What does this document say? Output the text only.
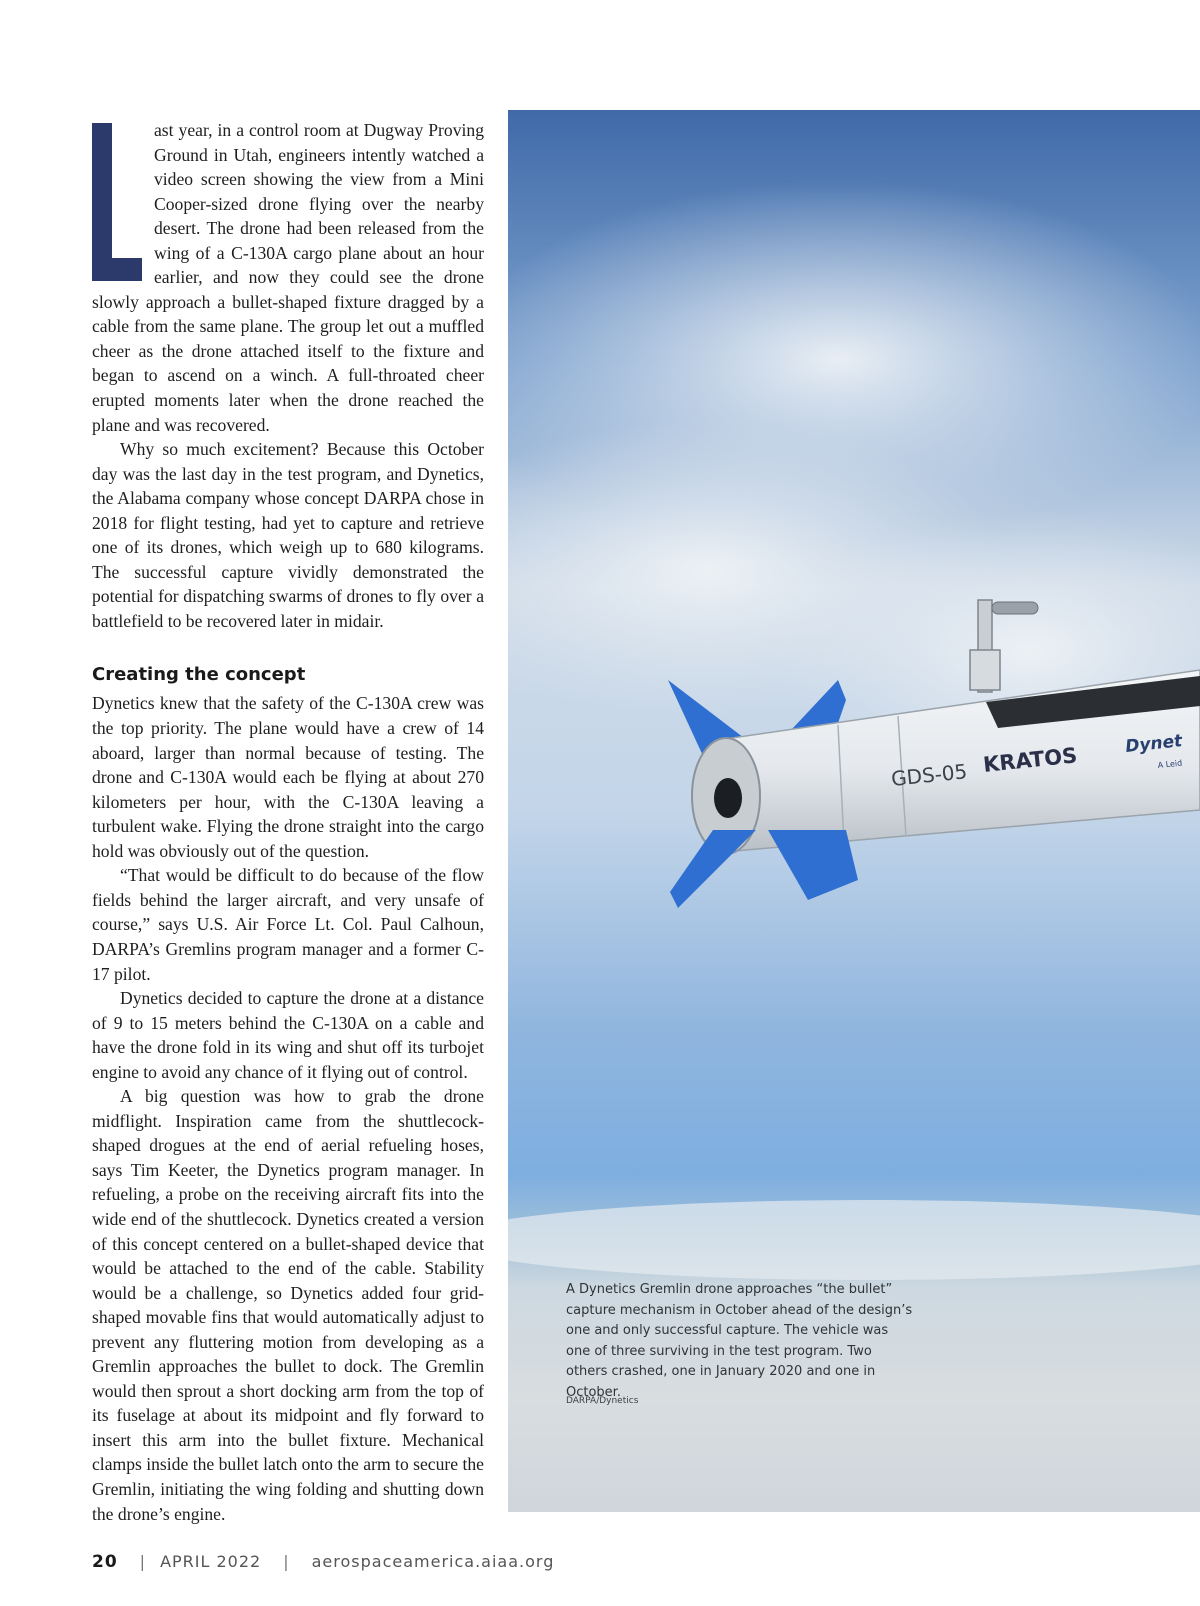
ast year, in a control room at Dugway Proving Ground in Utah, engineers intently watched a video screen showing the view from a Mini Cooper-sized drone flying over the nearby desert. The drone had been released from the wing of a C-130A cargo plane about an hour earlier, and now they could see the drone slowly approach a bullet-shaped fixture dragged by a cable from the same plane. The group let out a muffled cheer as the drone attached itself to the fixture and began to ascend on a winch. A full-throated cheer erupted moments later when the drone reached the plane and was recovered.

Why so much excitement? Because this October day was the last day in the test program, and Dynetics, the Alabama company whose concept DARPA chose in 2018 for flight testing, had yet to capture and retrieve one of its drones, which weigh up to 680 kilograms. The successful capture vividly demonstrated the potential for dispatching swarms of drones to fly over a battlefield to be recovered later in midair.

Creating the concept

Dynetics knew that the safety of the C-130A crew was the top priority. The plane would have a crew of 14 aboard, larger than normal because of testing. The drone and C-130A would each be flying at about 270 kilometers per hour, with the C-130A leaving a turbulent wake. Flying the drone straight into the cargo hold was obviously out of the question.

“That would be difficult to do because of the flow fields behind the larger aircraft, and very unsafe of course,” says U.S. Air Force Lt. Col. Paul Calhoun, DARPA’s Gremlins program manager and a former C-17 pilot.

Dynetics decided to capture the drone at a distance of 9 to 15 meters behind the C-130A on a cable and have the drone fold in its wing and shut off its turbojet engine to avoid any chance of it flying out of control.

A big question was how to grab the drone midflight. Inspiration came from the shuttlecock-shaped drogues at the end of aerial refueling hoses, says Tim Keeter, the Dynetics program manager. In refueling, a probe on the receiving aircraft fits into the wide end of the shuttlecock. Dynetics created a version of this concept centered on a bullet-shaped device that would be attached to the end of the cable. Stability would be a challenge, so Dynetics added four grid-shaped movable fins that would automatically adjust to prevent any fluttering motion from developing as a Gremlin approaches the bullet to dock. The Gremlin would then sprout a short docking arm from the top of its fuselage at about its midpoint and fly forward to insert this arm into the bullet fixture. Mechanical clamps inside the bullet latch onto the arm to secure the Gremlin, initiating the wing folding and shutting down the drone’s engine.

GDS-05 KRATOS	Dynet
A Leid
A Dynetics Gremlin drone approaches “the bullet” capture mechanism in October ahead of the design’s one and only successful capture. The vehicle was one of three surviving in the test program. Two others crashed, one in January 2020 and one in October.
DARPA/Dynetics
20 | APRIL 2022 | aerospaceamerica.aiaa.org
